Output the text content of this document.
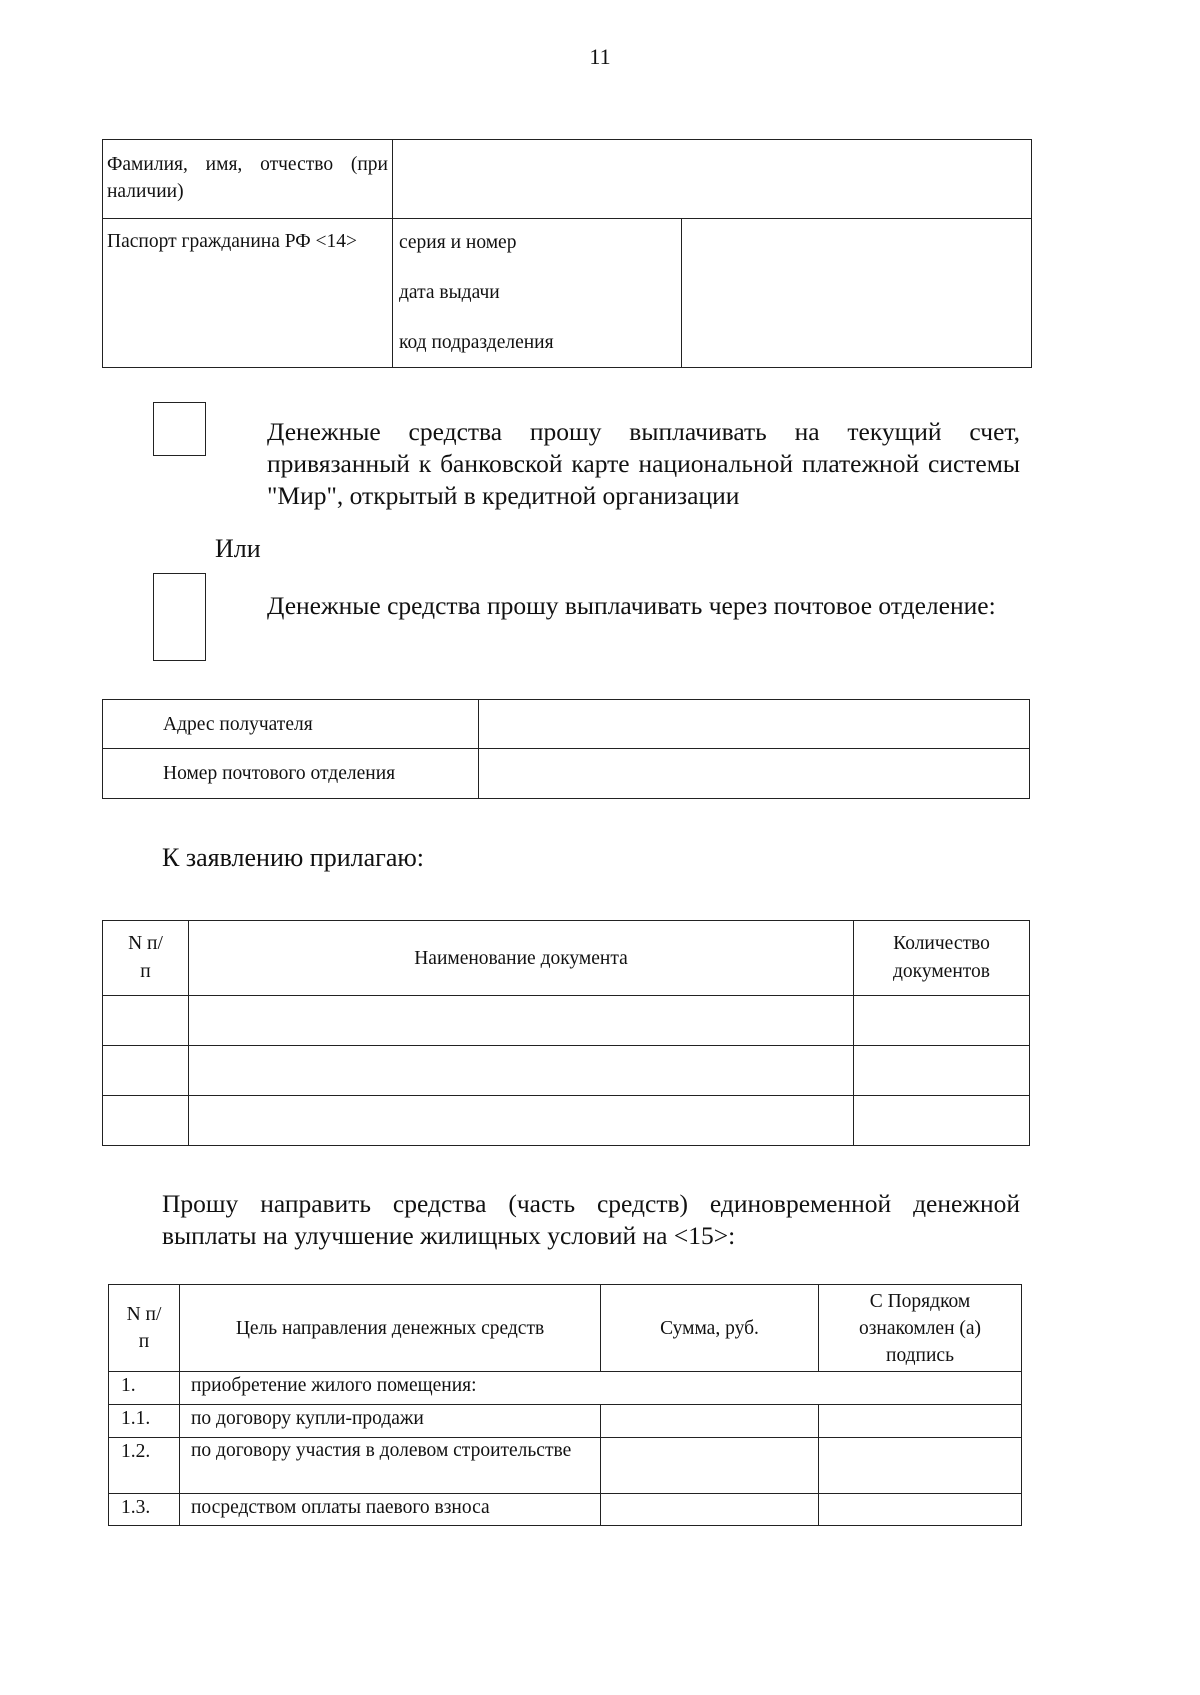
11
Фамилия, имя, отчество (при наличии)		

Паспорт гражданина РФ <14>	серия и номер
дата выдачи
код подразделения	

Денежные средства прошу выплачивать на текущий счет, привязанный к банковской карте национальной платежной системы "Мир", открытый в кредитной организации
Или
Денежные средства прошу выплачивать через почтовое отделение:
Адрес получателя	

Номер почтового отделения	

К заявлению прилагаю:
N п/п	Наименование документа	Количество документов

Прошу направить средства (часть средств) единовременной денежной выплаты на улучшение жилищных условий на <15>:
N п/п	Цель направления денежных средств	Сумма, руб.	С Порядком ознакомлен (а) подпись

1.	приобретение жилого помещения:		

1.1.	по договору купли-продажи		

1.2.	по договору участия в долевом строительстве		

1.3.	посредством оплаты паевого взноса		
